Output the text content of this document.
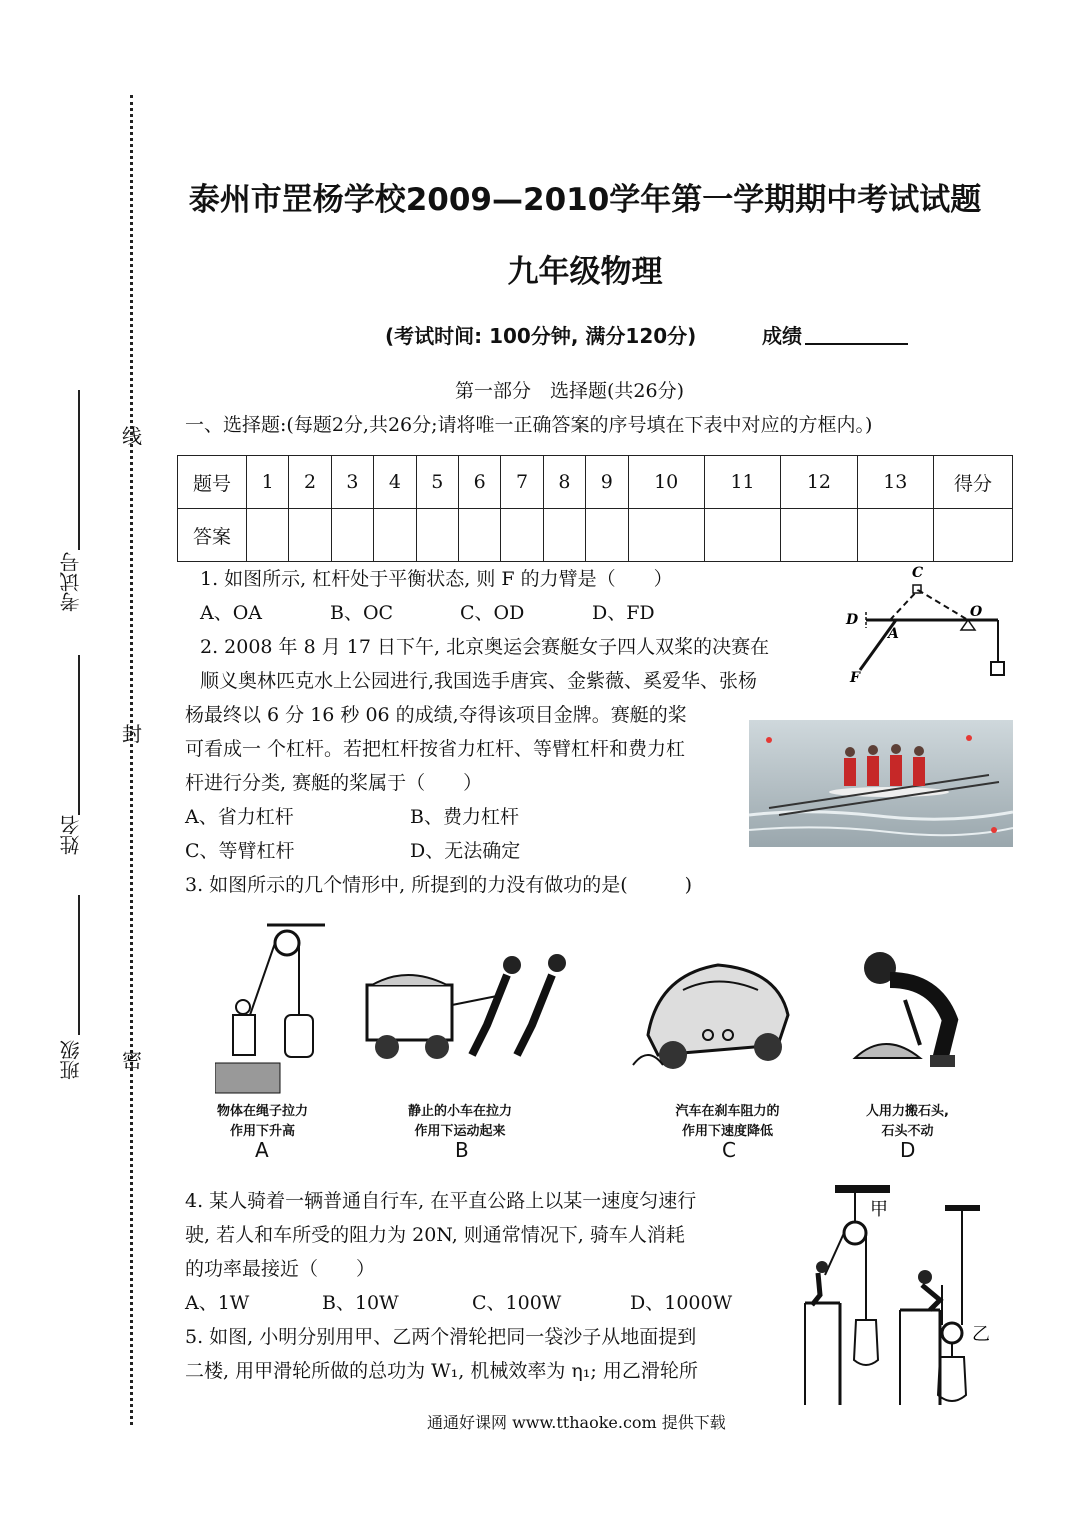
线
封
密
考试号
姓名
班级
泰州市罡杨学校2009—2010学年第一学期期中考试试题
九年级物理
(考试时间: 100分钟, 满分120分)	成绩
第一部分　选择题(共26分)
一、选择题:(每题2分,共26分;请将唯一正确答案的序号填在下表中对应的方框内。)
题号	1	2	3	4	5	6	7	8	9	10	11	12	13	得分
答案														
1. 如图所示, 杠杆处于平衡状态, 则 F 的力臂是（　　）
A、OA	B、OC	C、OD	D、FD
C
D
A
O
F
2. 2008 年 8 月 17 日下午, 北京奥运会赛艇女子四人双桨的决赛在
顺义奥林匹克水上公园进行,我国选手唐宾、金紫薇、奚爱华、张杨
杨最终以 6 分 16 秒 06 的成绩,夺得该项目金牌。赛艇的桨
可看成一 个杠杆。若把杠杆按省力杠杆、等臂杠杆和费力杠
杆进行分类, 赛艇的桨属于（　　）
A、省力杠杆	B、费力杠杆
C、等臂杠杆	D、无法确定
3. 如图所示的几个情形中, 所提到的力没有做功的是(　　　)
物体在绳子拉力
作用下升高
A
静止的小车在拉力
作用下运动起来
B
汽车在刹车阻力的
作用下速度降低
C
人用力搬石头,
石头不动
D
4. 某人骑着一辆普通自行车, 在平直公路上以某一速度匀速行
驶, 若人和车所受的阻力为 20N, 则通常情况下, 骑车人消耗
的功率最接近（　　）
A、1W	B、10W	C、100W	D、1000W
5. 如图, 小明分别用甲、乙两个滑轮把同一袋沙子从地面提到
二楼, 用甲滑轮所做的总功为 W₁, 机械效率为 η₁; 用乙滑轮所
甲
乙
通通好课网 www.tthaoke.com 提供下载
